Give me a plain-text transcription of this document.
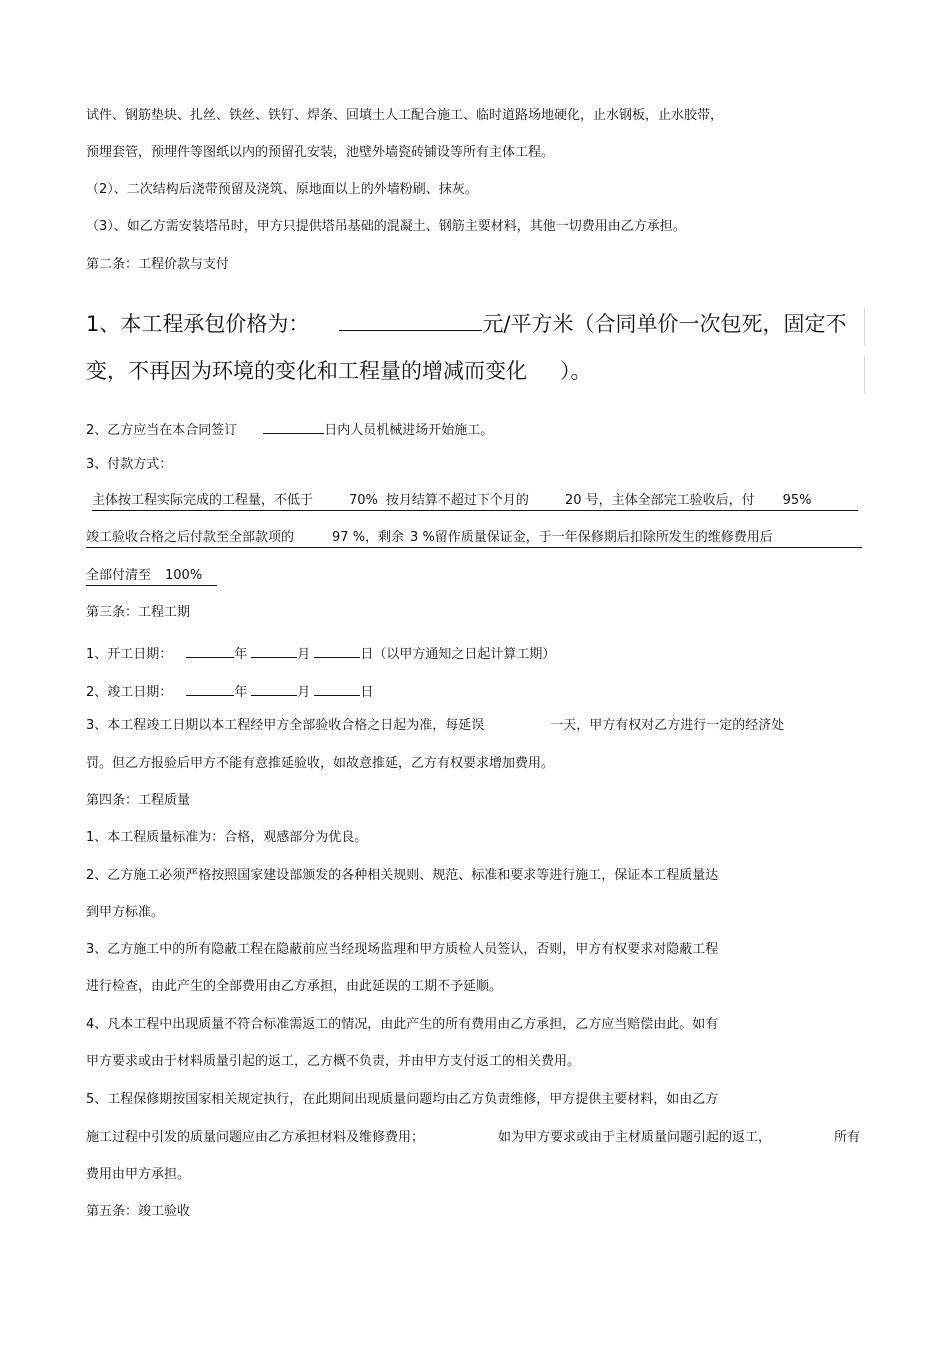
试件、钢筋垫块、扎丝、铁丝、铁钉、焊条、回填土人工配合施工、临时道路场地硬化，止水钢板，止水胶带，
预埋套管，预埋件等图纸以内的预留孔安装，池壁外墙瓷砖铺设等所有主体工程。
（2）、二次结构后浇带预留及浇筑、原地面以上的外墙粉刷、抹灰。
（3）、如乙方需安装塔吊时，甲方只提供塔吊基础的混凝土、钢筋主要材料，其他一切费用由乙方承担。
第二条：工程价款与支付
1、本工程承包价格为：	元/平方米（合同单价一次包死，固定不
变，不再因为环境的变化和工程量的增减而变化 ）。
2、乙方应当在本合同签订	日内人员机械进场开始施工。
3、付款方式：
主体按工程实际完成的工程量，不低于	70% 按月结算不超过下个月的	20 号，主体全部完工验收后，付 95%
竣工验收合格之后付款至全部款项的	97 %，剩余 3 %留作质量保证金，于一年保修期后扣除所发生的维修费用后
全部付清至 100%
第三条：工程工期
1、开工日期：	年	月	日（以甲方通知之日起计算工期）
2、竣工日期：	年	月	日
3、本工程竣工日期以本工程经甲方全部验收合格之日起为准，每延误	一天，甲方有权对乙方进行一定的经济处
罚。但乙方报验后甲方不能有意推延验收，如故意推延，乙方有权要求增加费用。
第四条：工程质量
1、本工程质量标准为：合格，观感部分为优良。
2、乙方施工必须严格按照国家建设部颁发的各种相关规则、规范、标准和要求等进行施工，保证本工程质量达
到甲方标准。
3、乙方施工中的所有隐蔽工程在隐蔽前应当经现场监理和甲方质检人员签认，否则，甲方有权要求对隐蔽工程
进行检查，由此产生的全部费用由乙方承担，由此延误的工期不予延顺。
4、凡本工程中出现质量不符合标准需返工的情况，由此产生的所有费用由乙方承担，乙方应当赔偿由此。如有
甲方要求或由于材料质量引起的返工，乙方概不负责，并由甲方支付返工的相关费用。
5、工程保修期按国家相关规定执行，在此期间出现质量问题均由乙方负责维修，甲方提供主要材料，如由乙方
施工过程中引发的质量问题应由乙方承担材料及维修费用；	如为甲方要求或由于主材质量问题引起的返工，	所有
费用由甲方承担。
第五条：竣工验收
